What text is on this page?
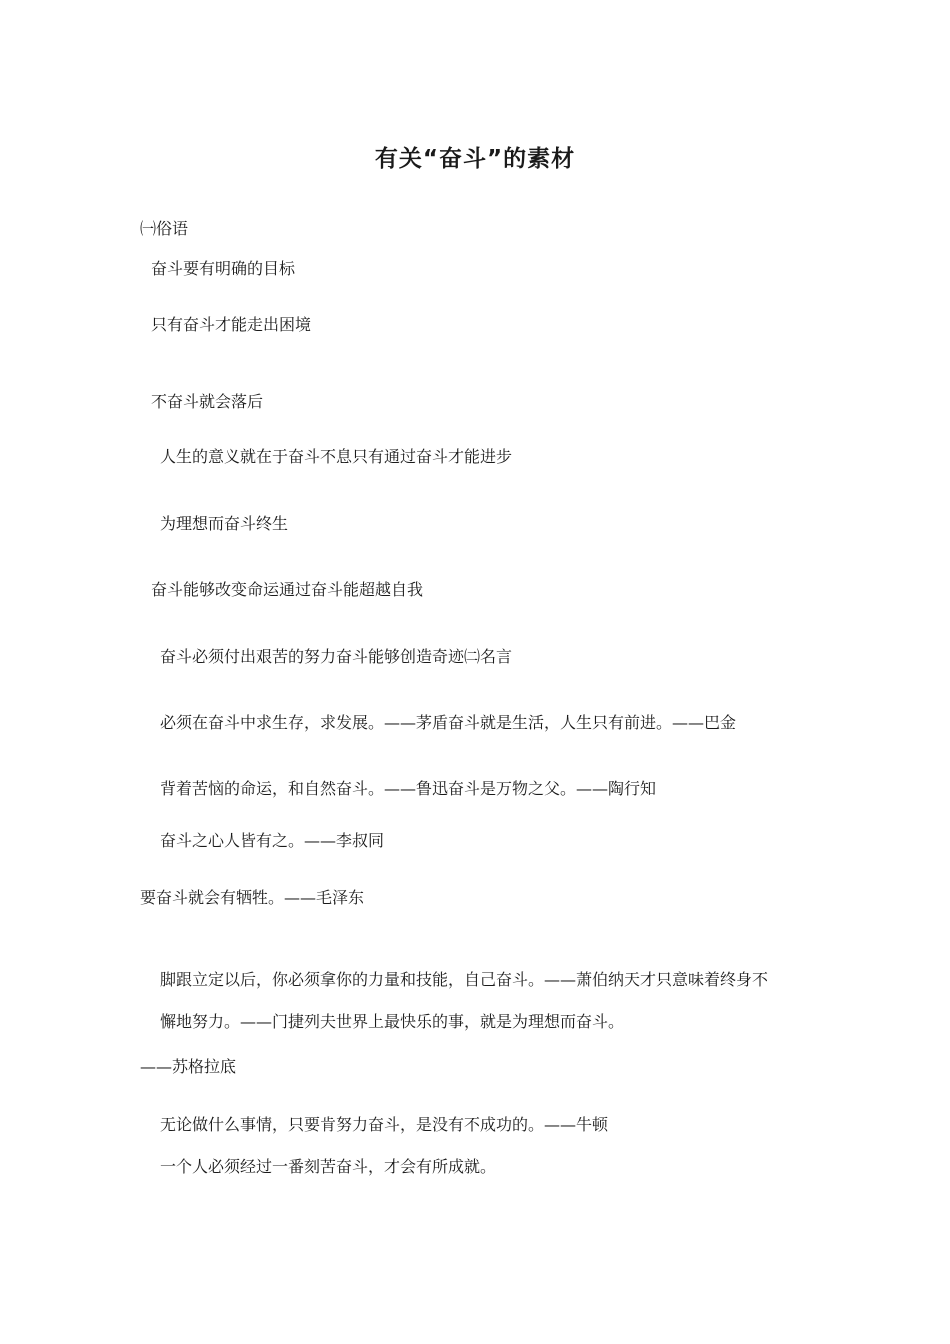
有关“奋斗”的素材
㈠俗语
奋斗要有明确的目标
只有奋斗才能走出困境
不奋斗就会落后
人生的意义就在于奋斗不息只有通过奋斗才能进步
为理想而奋斗终生
奋斗能够改变命运通过奋斗能超越自我
奋斗必须付出艰苦的努力奋斗能够创造奇迹㈡名言
必须在奋斗中求生存，求发展。——茅盾奋斗就是生活，人生只有前进。——巴金
背着苦恼的命运，和自然奋斗。——鲁迅奋斗是万物之父。——陶行知
奋斗之心人皆有之。——李叔同
要奋斗就会有牺牲。——毛泽东
脚跟立定以后，你必须拿你的力量和技能，自己奋斗。——萧伯纳天才只意味着终身不
懈地努力。——门捷列夫世界上最快乐的事，就是为理想而奋斗。
——苏格拉底
无论做什么事情，只要肯努力奋斗，是没有不成功的。——牛顿
一个人必须经过一番刻苦奋斗，才会有所成就。
